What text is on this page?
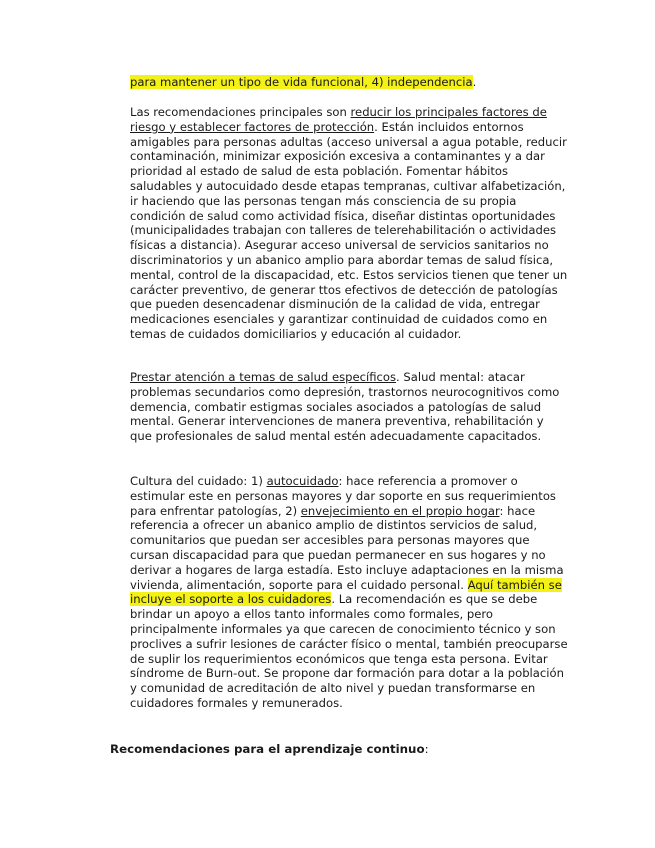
para mantener un tipo de vida funcional, 4) independencia.

Las recomendaciones principales son reducir los principales factores de riesgo y establecer factores de protección. Están incluidos entornos amigables para personas adultas (acceso universal a agua potable, reducir contaminación, minimizar exposición excesiva a contaminantes y a dar prioridad al estado de salud de esta población. Fomentar hábitos saludables y autocuidado desde etapas tempranas, cultivar alfabetización, ir haciendo que las personas tengan más consciencia de su propia condición de salud como actividad física, diseñar distintas oportunidades (municipalidades trabajan con talleres de telerehabilitación o actividades físicas a distancia). Asegurar acceso universal de servicios sanitarios no discriminatorios y un abanico amplio para abordar temas de salud física, mental, control de la discapacidad, etc. Estos servicios tienen que tener un carácter preventivo, de generar ttos efectivos de detección de patologías que pueden desencadenar disminución de la calidad de vida, entregar medicaciones esenciales y garantizar continuidad de cuidados como en temas de cuidados domiciliarios y educación al cuidador.

Prestar atención a temas de salud específicos. Salud mental: atacar problemas secundarios como depresión, trastornos neurocognitivos como demencia, combatir estigmas sociales asociados a patologías de salud mental. Generar intervenciones de manera preventiva, rehabilitación y que profesionales de salud mental estén adecuadamente capacitados.

Cultura del cuidado: 1) autocuidado: hace referencia a promover o estimular este en personas mayores y dar soporte en sus requerimientos para enfrentar patologías, 2) envejecimiento en el propio hogar: hace referencia a ofrecer un abanico amplio de distintos servicios de salud, comunitarios que puedan ser accesibles para personas mayores que cursan discapacidad para que puedan permanecer en sus hogares y no derivar a hogares de larga estadía. Esto incluye adaptaciones en la misma vivienda, alimentación, soporte para el cuidado personal. Aquí también se incluye el soporte a los cuidadores. La recomendación es que se debe brindar un apoyo a ellos tanto informales como formales, pero principalmente informales ya que carecen de conocimiento técnico y son proclives a sufrir lesiones de carácter físico o mental, también preocuparse de suplir los requerimientos económicos que tenga esta persona. Evitar síndrome de Burn-out. Se propone dar formación para dotar a la población y comunidad de acreditación de alto nivel y puedan transformarse en cuidadores formales y remunerados.

Recomendaciones para el aprendizaje continuo:
